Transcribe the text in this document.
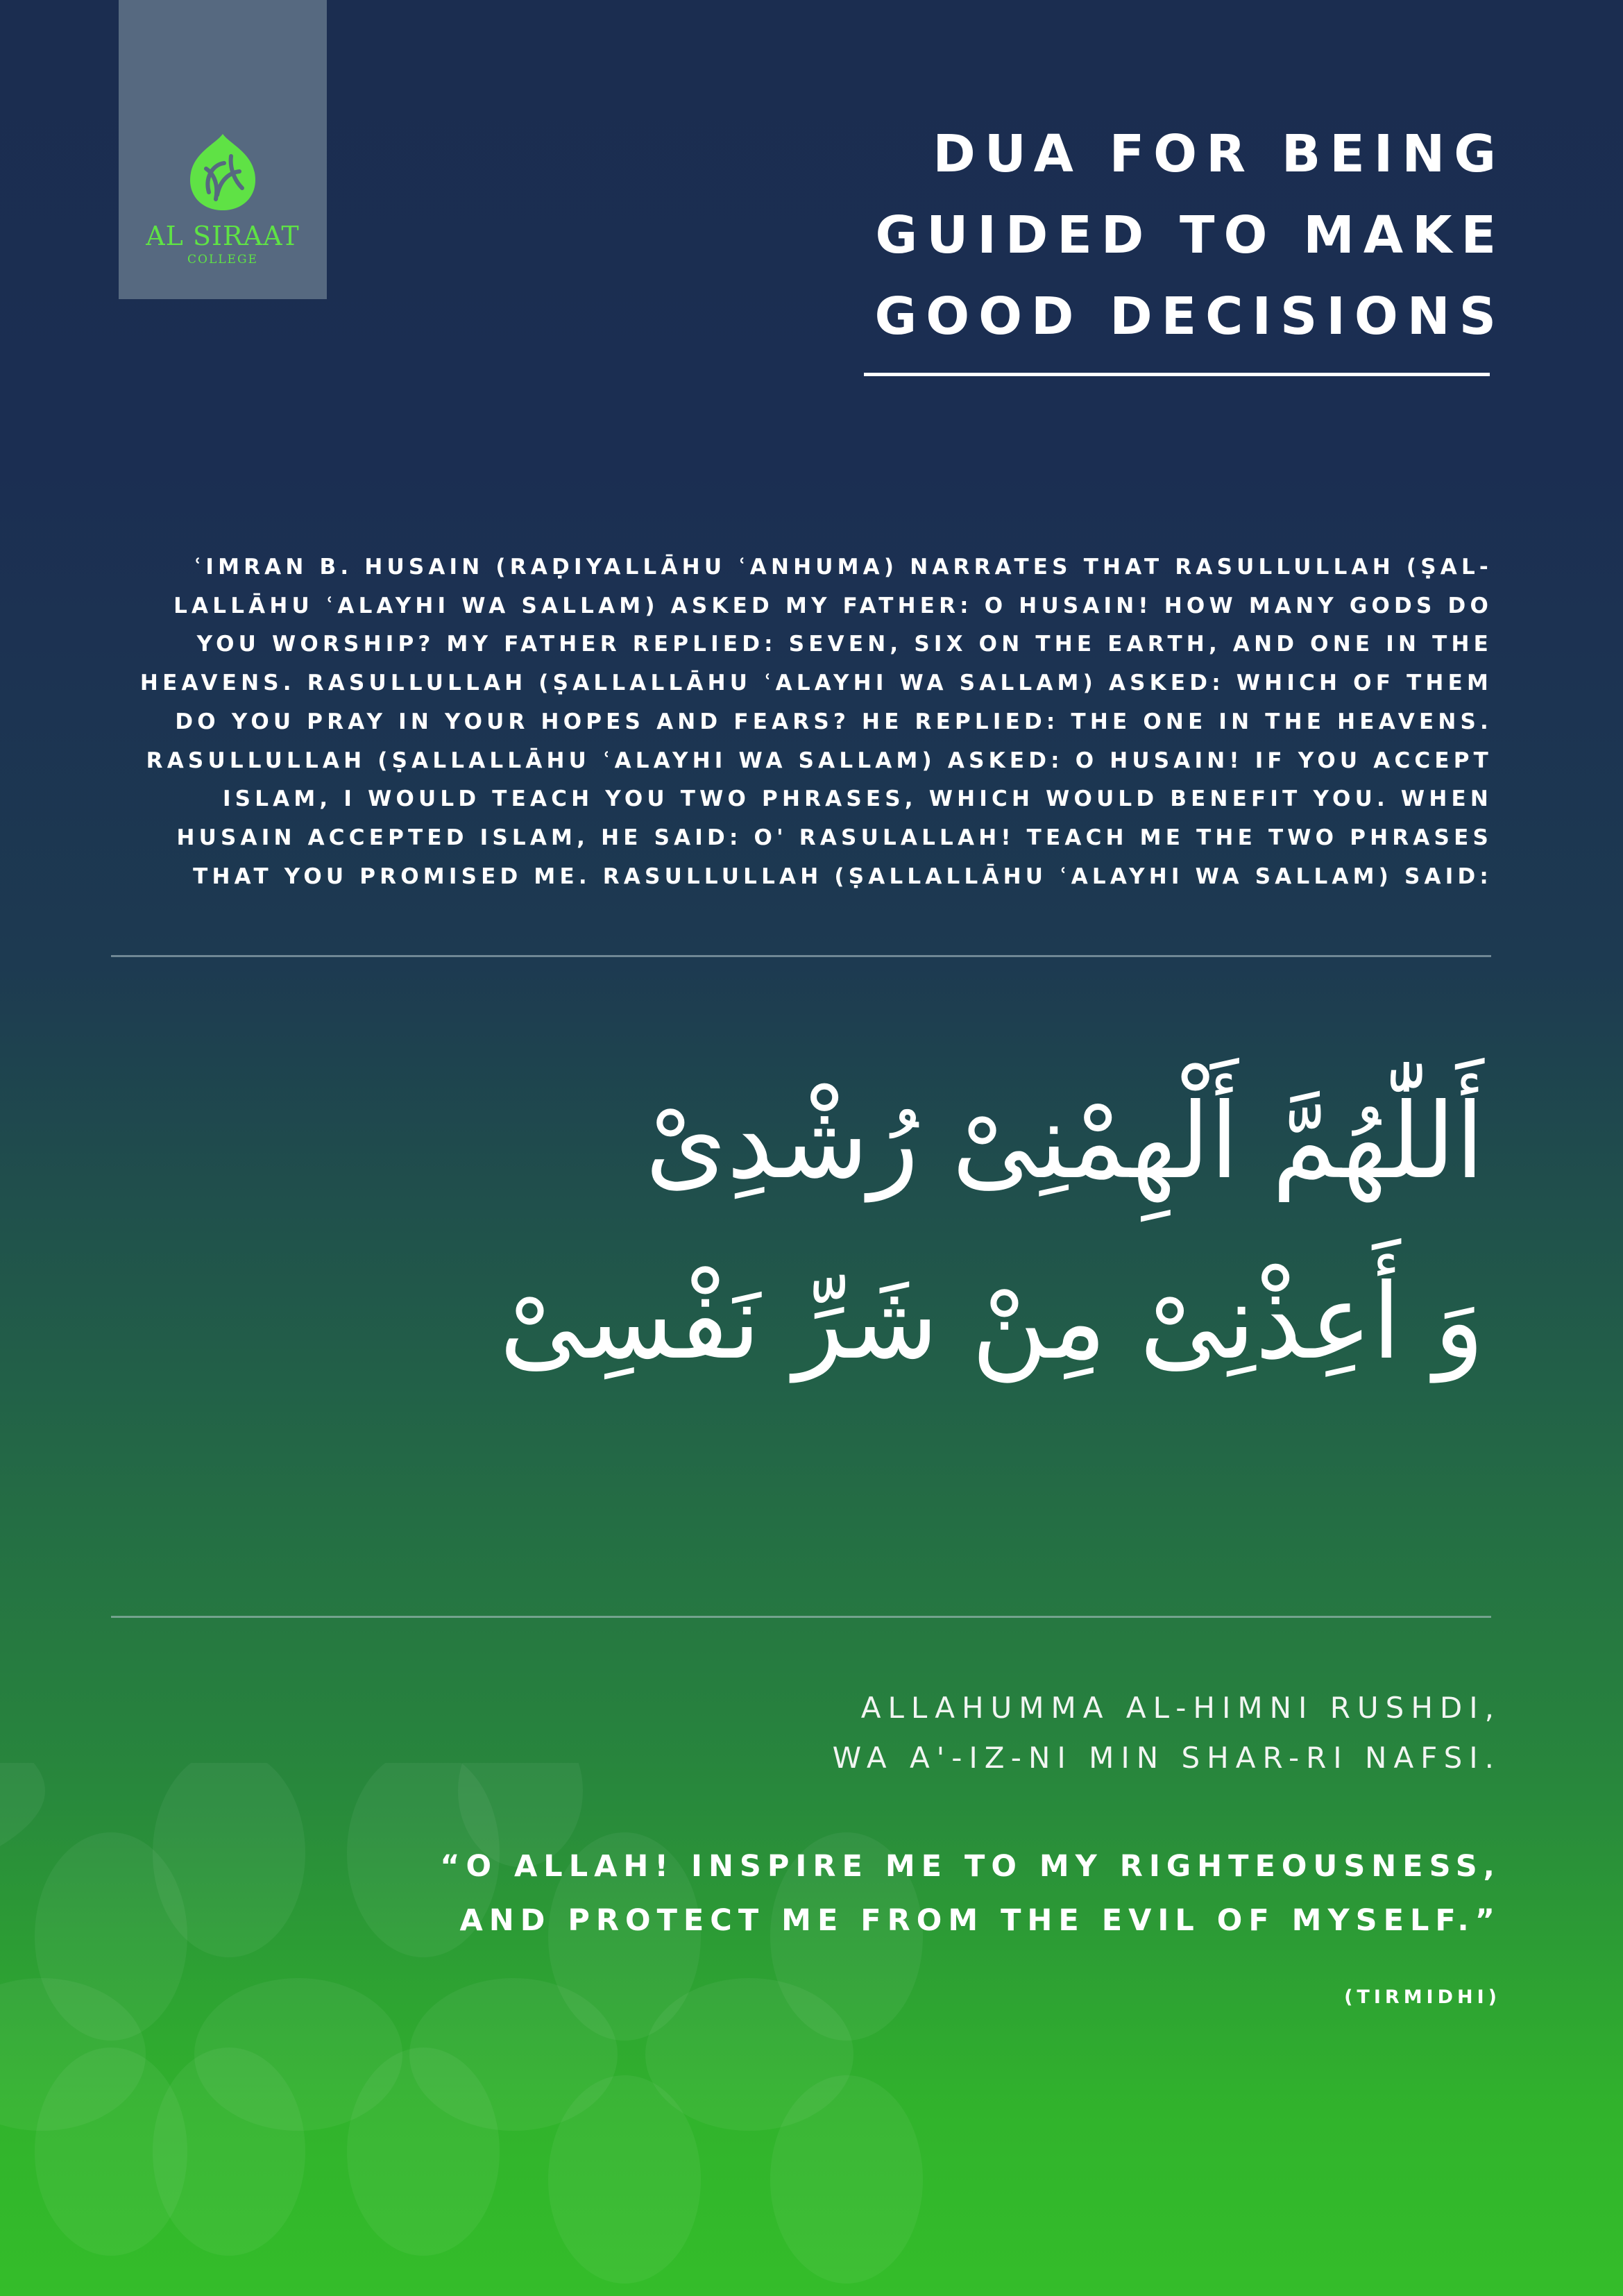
AL SIRAAT
COLLEGE
DUA FOR BEING
GUIDED TO MAKE
GOOD DECISIONS
ʿIMRAN B. HUSAIN (RAḌIYALLĀHU ʿANHUMA) NARRATES THAT RASULLULLAH (ṢAL-
LALLĀHU ʿALAYHI WA SALLAM) ASKED MY FATHER: O HUSAIN! HOW MANY GODS DO
YOU WORSHIP? MY FATHER REPLIED: SEVEN, SIX ON THE EARTH, AND ONE IN THE
HEAVENS. RASULLULLAH (ṢALLALLĀHU ʿALAYHI WA SALLAM) ASKED: WHICH OF THEM
DO YOU PRAY IN YOUR HOPES AND FEARS? HE REPLIED: THE ONE IN THE HEAVENS.
RASULLULLAH (ṢALLALLĀHU ʿALAYHI WA SALLAM) ASKED: O HUSAIN! IF YOU ACCEPT
ISLAM, I WOULD TEACH YOU TWO PHRASES, WHICH WOULD BENEFIT YOU. WHEN
HUSAIN ACCEPTED ISLAM, HE SAID: O' RASULALLAH! TEACH ME THE TWO PHRASES
THAT YOU PROMISED ME. RASULLULLAH (ṢALLALLĀHU ʿALAYHI WA SALLAM) SAID:
أَللّٰهُمَّ أَلْهِمْنِىْ رُشْدِىْ
وَ أَعِذْنِىْ مِنْ شَرِّ نَفْسِىْ
ALLAHUMMA AL-HIMNI RUSHDI,
WA A'-IZ-NI MIN SHAR-RI NAFSI.
“O ALLAH! INSPIRE ME TO MY RIGHTEOUSNESS,
AND PROTECT ME FROM THE EVIL OF MYSELF.”
(TIRMIDHI)
